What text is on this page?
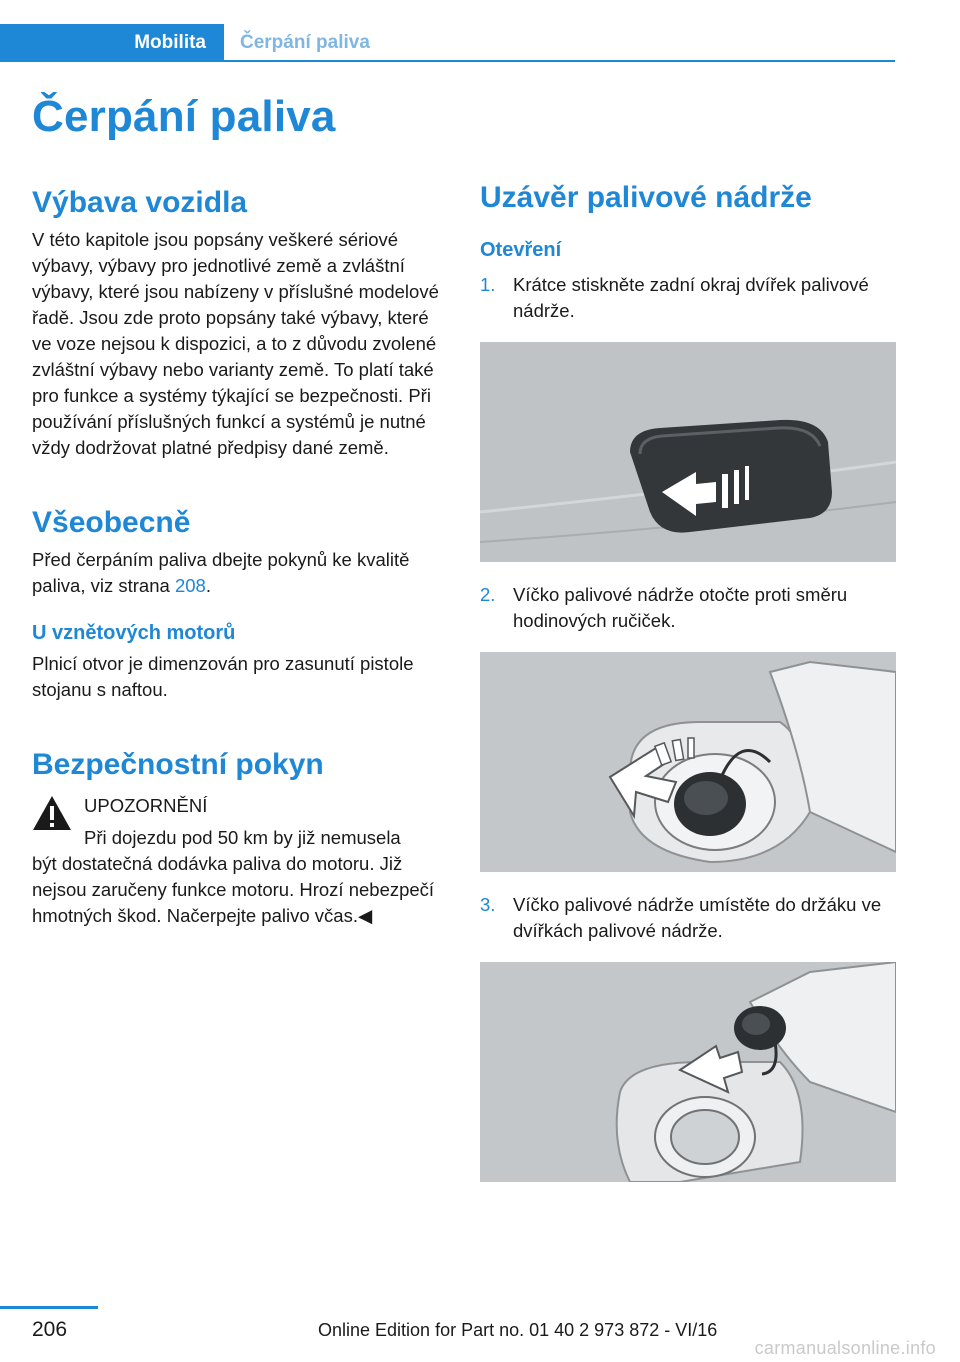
Mobilita	Čerpání paliva
Čerpání paliva
Výbava vozidla

V této kapitole jsou popsány veškeré sériové výbavy, výbavy pro jednotlivé země a zvláštní výbavy, které jsou nabízeny v příslušné modelové řadě. Jsou zde proto popsány také výbavy, které ve voze nejsou k dispozici, a to z důvodu zvolené zvláštní výbavy nebo varianty země. To platí také pro funkce a systémy týkající se bezpečnosti. Při používání příslušných funkcí a systémů je nutné vždy dodržovat platné předpisy dané země.

Všeobecně

Před čerpáním paliva dbejte pokynů ke kvalitě paliva, viz strana 208.

U vznětových motorů

Plnicí otvor je dimenzován pro zasunutí pistole stojanu s naftou.

Bezpečnostní pokyn
UPOZORNĚNÍ
Při dojezdu pod 50 km by již nemusela
být dostatečná dodávka paliva do motoru. Již nejsou zaručeny funkce motoru. Hrozí nebezpečí hmotných škod. Načerpejte palivo včas.◀
Uzávěr palivové nádrže
Otevření
1. Krátce stiskněte zadní okraj dvířek palivové nádrže.
2. Víčko palivové nádrže otočte proti směru hodinových ručiček.
3. Víčko palivové nádrže umístěte do držáku ve dvířkách palivové nádrže.
206	Online Edition for Part no. 01 40 2 973 872 - VI/16
carmanualsonline.info
